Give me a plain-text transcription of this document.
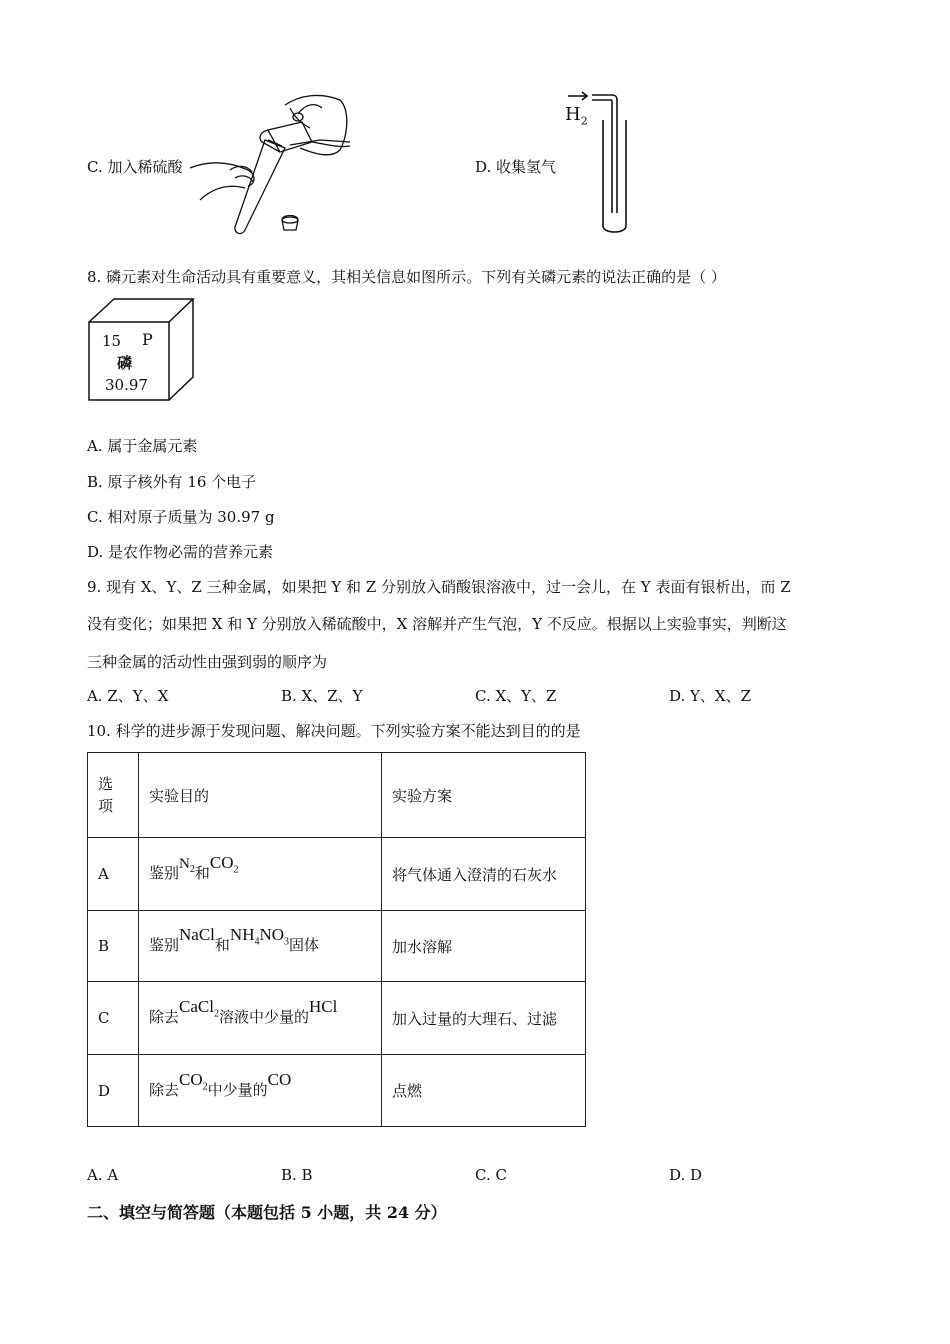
C. 加入稀硫酸	D. 收集氢气
$H_2$
8. 磷元素对生命活动具有重要意义，其相关信息如图所示。下列有关磷元素的说法正确的是（ ）
15 P
磷
30.97
A. 属于金属元素
B. 原子核外有 16 个电子
C. 相对原子质量为 30.97 g
D. 是农作物必需的营养元素
9. 现有 X、Y、Z 三种金属，如果把 Y 和 Z 分别放入硝酸银溶液中，过一会儿，在 Y 表面有银析出，而 Z
没有变化；如果把 X 和 Y 分别放入稀硫酸中，X 溶解并产生气泡，Y 不反应。根据以上实验事实，判断这
三种金属的活动性由强到弱的顺序为
A. Z、Y、X	B. X、Z、Y	C. X、Y、Z	D. Y、X、Z
10. 科学的进步源于发现问题、解决问题。下列实验方案不能达到目的的是
选
项	实验目的	实验方案
A	鉴别$N_2$和$CO_2$	将气体通入澄清的石灰水
B	鉴别NaCl和$NH_4NO_3$固体	加水溶解
C	除去CaCl$_2$溶液中少量的HCl	加入过量的大理石、过滤
D	除去$CO_2$中少量的CO	点燃
A. A	B. B	C. C	D. D
二、填空与简答题（本题包括 5 小题，共 24 分）
